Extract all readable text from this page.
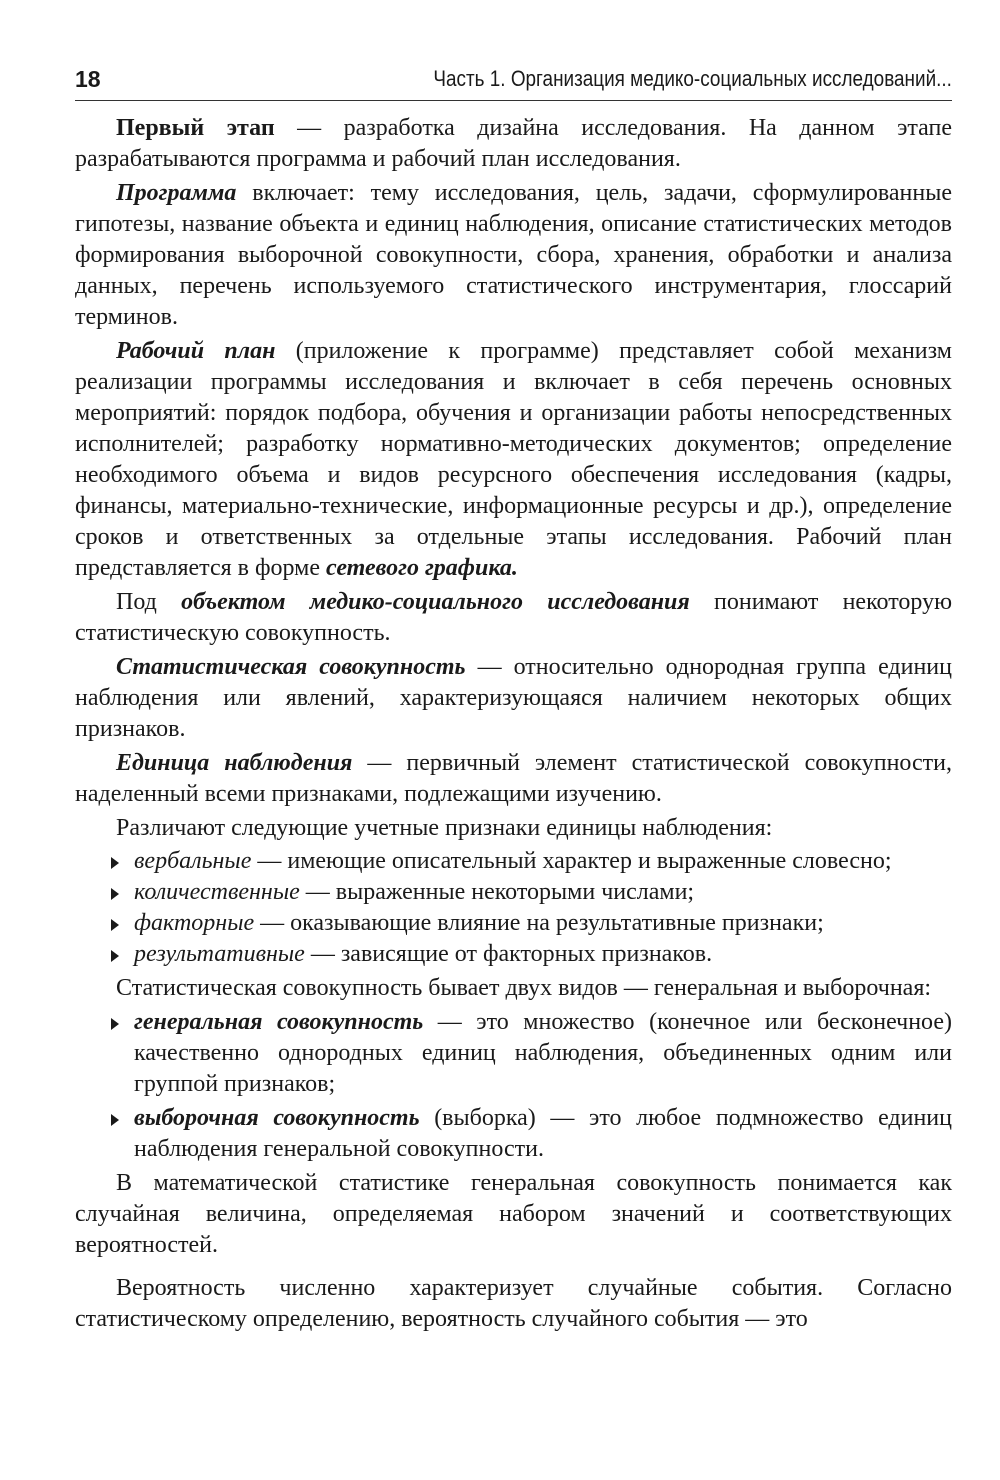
18	Часть 1. Организация медико-социальных исследований...

Первый этап — разработка дизайна исследования. На данном этапе разрабатываются программа и рабочий план исследования.

Программа включает: тему исследования, цель, задачи, сформулированные гипотезы, название объекта и единиц наблюдения, описание статистических методов формирования выборочной совокупности, сбора, хранения, обработки и анализа данных, перечень используемого статистического инструментария, глоссарий терминов.

Рабочий план (приложение к программе) представляет собой механизм реализации программы исследования и включает в себя перечень основных мероприятий: порядок подбора, обучения и организации работы непосредственных исполнителей; разработку нормативно-методических документов; определение необходимого объема и видов ресурсного обеспечения исследования (кадры, финансы, материально-технические, информационные ресурсы и др.), определение сроков и ответственных за отдельные этапы исследования. Рабочий план представляется в форме сетевого графика.

Под объектом медико-социального исследования понимают некоторую статистическую совокупность.

Статистическая совокупность — относительно однородная группа единиц наблюдения или явлений, характеризующаяся наличием некоторых общих признаков.

Единица наблюдения — первичный элемент статистической совокупности, наделенный всеми признаками, подлежащими изучению.

Различают следующие учетные признаки единицы наблюдения:

вербальные — имеющие описательный характер и выраженные словесно;
количественные — выраженные некоторыми числами;
факторные — оказывающие влияние на результативные признаки;
результативные — зависящие от факторных признаков.

Статистическая совокупность бывает двух видов — генеральная и выборочная:

генеральная совокупность — это множество (конечное или бесконечное) качественно однородных единиц наблюдения, объединенных одним или группой признаков;
выборочная совокупность (выборка) — это любое подмножество единиц наблюдения генеральной совокупности.

В математической статистике генеральная совокупность понимается как случайная величина, определяемая набором значений и соответствующих вероятностей.

Вероятность численно характеризует случайные события. Согласно статистическому определению, вероятность случайного события — это
